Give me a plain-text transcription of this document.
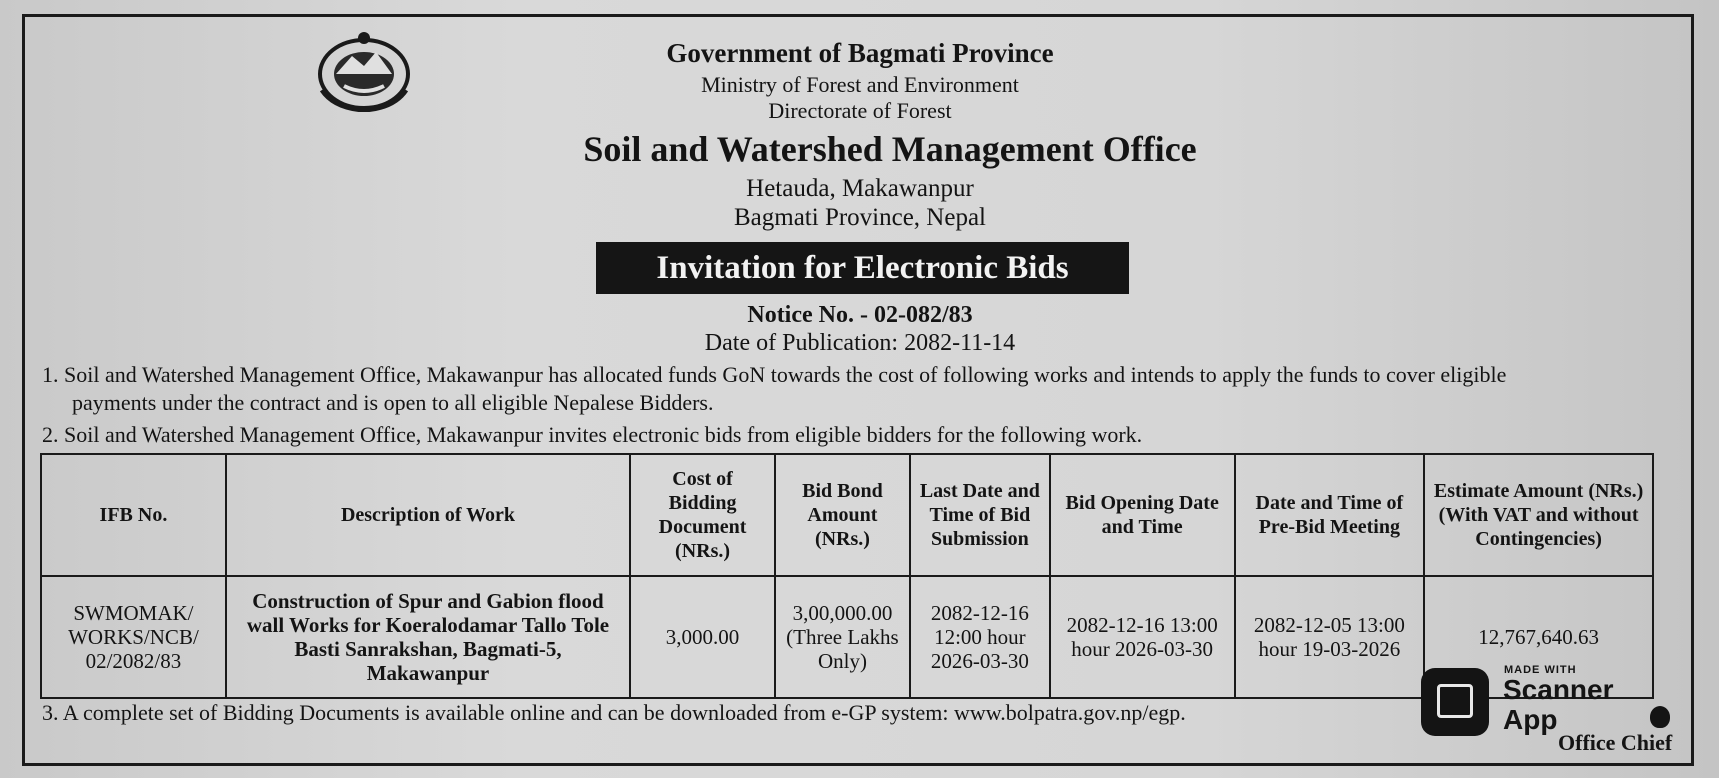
Government of Bagmati Province
Ministry of Forest and Environment
Directorate of Forest
Soil and Watershed Management Office
Hetauda, Makawanpur
Bagmati Province, Nepal
Invitation for Electronic Bids
Notice No. - 02-082/83
Date of Publication: 2082-11-14
1. Soil and Watershed Management Office, Makawanpur has allocated funds GoN towards the cost of following works and intends to apply the funds to cover eligible
payments under the contract and is open to all eligible Nepalese Bidders.
2. Soil and Watershed Management Office, Makawanpur invites electronic bids from eligible bidders for the following work.
IFB No.	Description of Work	Cost of Bidding Document (NRs.)	Bid Bond Amount (NRs.)	Last Date and Time of Bid Submission	Bid Opening Date and Time	Date and Time of Pre-Bid Meeting	Estimate Amount (NRs.) (With VAT and without Contingencies)
SWMOMAK/ WORKS/NCB/ 02/2082/83	Construction of Spur and Gabion flood wall Works for Koeralodamar Tallo Tole Basti Sanrakshan, Bagmati-5, Makawanpur	3,000.00	3,00,000.00 (Three Lakhs Only)	2082-12-16 12:00 hour 2026-03-30	2082-12-16 13:00 hour 2026-03-30	2082-12-05 13:00 hour 19-03-2026	12,767,640.63
3. A complete set of Bidding Documents is available online and can be downloaded from e-GP system: www.bolpatra.gov.np/egp.
MADE WITH
Scanner
App
Office Chief
